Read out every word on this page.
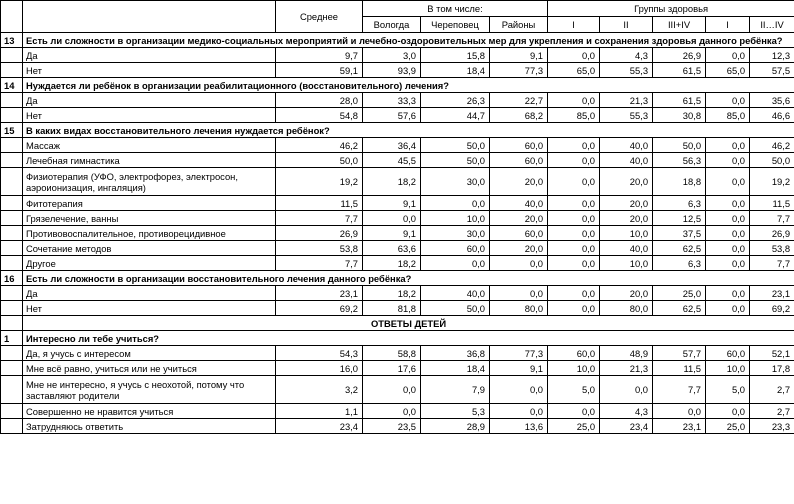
		Среднее	В том числе:			Группы здоровья				
			Вологда	Череповец	Районы	I	II	III+IV	I	II…IV
13	Есть ли сложности в организации медико-социальных мероприятий и лечебно-оздоровительных мер для укрепления и сохранения здоровья данного ребёнка?									
	Да	9,7	3,0	15,8	9,1	0,0	4,3	26,9	0,0	12,3
	Нет	59,1	93,9	18,4	77,3	65,0	55,3	61,5	65,0	57,5
14	Нуждается ли ребёнок в организации реабилитационного (восстановительного) лечения?									
	Да	28,0	33,3	26,3	22,7	0,0	21,3	61,5	0,0	35,6
	Нет	54,8	57,6	44,7	68,2	85,0	55,3	30,8	85,0	46,6
15	В каких видах восстановительного лечения нуждается ребёнок?									
	Массаж	46,2	36,4	50,0	60,0	0,0	40,0	50,0	0,0	46,2
	Лечебная гимнастика	50,0	45,5	50,0	60,0	0,0	40,0	56,3	0,0	50,0
	Физиотерапия (УФО, электрофорез, электросон, аэроионизация, ингаляция)	19,2	18,2	30,0	20,0	0,0	20,0	18,8	0,0	19,2
	Фитотерапия	11,5	9,1	0,0	40,0	0,0	20,0	6,3	0,0	11,5
	Грязелечение, ванны	7,7	0,0	10,0	20,0	0,0	20,0	12,5	0,0	7,7
	Противовоспалительное, противорецидивное	26,9	9,1	30,0	60,0	0,0	10,0	37,5	0,0	26,9
	Сочетание методов	53,8	63,6	60,0	20,0	0,0	40,0	62,5	0,0	53,8
	Другое	7,7	18,2	0,0	0,0	0,0	10,0	6,3	0,0	7,7
16	Есть ли сложности в организации восстановительного лечения данного ребёнка?									
	Да	23,1	18,2	40,0	0,0	0,0	20,0	25,0	0,0	23,1
	Нет	69,2	81,8	50,0	80,0	0,0	80,0	62,5	0,0	69,2
	ОТВЕТЫ ДЕТЕЙ									
1	Интересно ли тебе учиться?									
	Да, я учусь с интересом	54,3	58,8	36,8	77,3	60,0	48,9	57,7	60,0	52,1
	Мне всё равно, учиться или не учиться	16,0	17,6	18,4	9,1	10,0	21,3	11,5	10,0	17,8
	Мне не интересно, я учусь с неохотой, потому что заставляют родители	3,2	0,0	7,9	0,0	5,0	0,0	7,7	5,0	2,7
	Совершенно не нравится учиться	1,1	0,0	5,3	0,0	0,0	4,3	0,0	0,0	2,7
	Затрудняюсь ответить	23,4	23,5	28,9	13,6	25,0	23,4	23,1	25,0	23,3
